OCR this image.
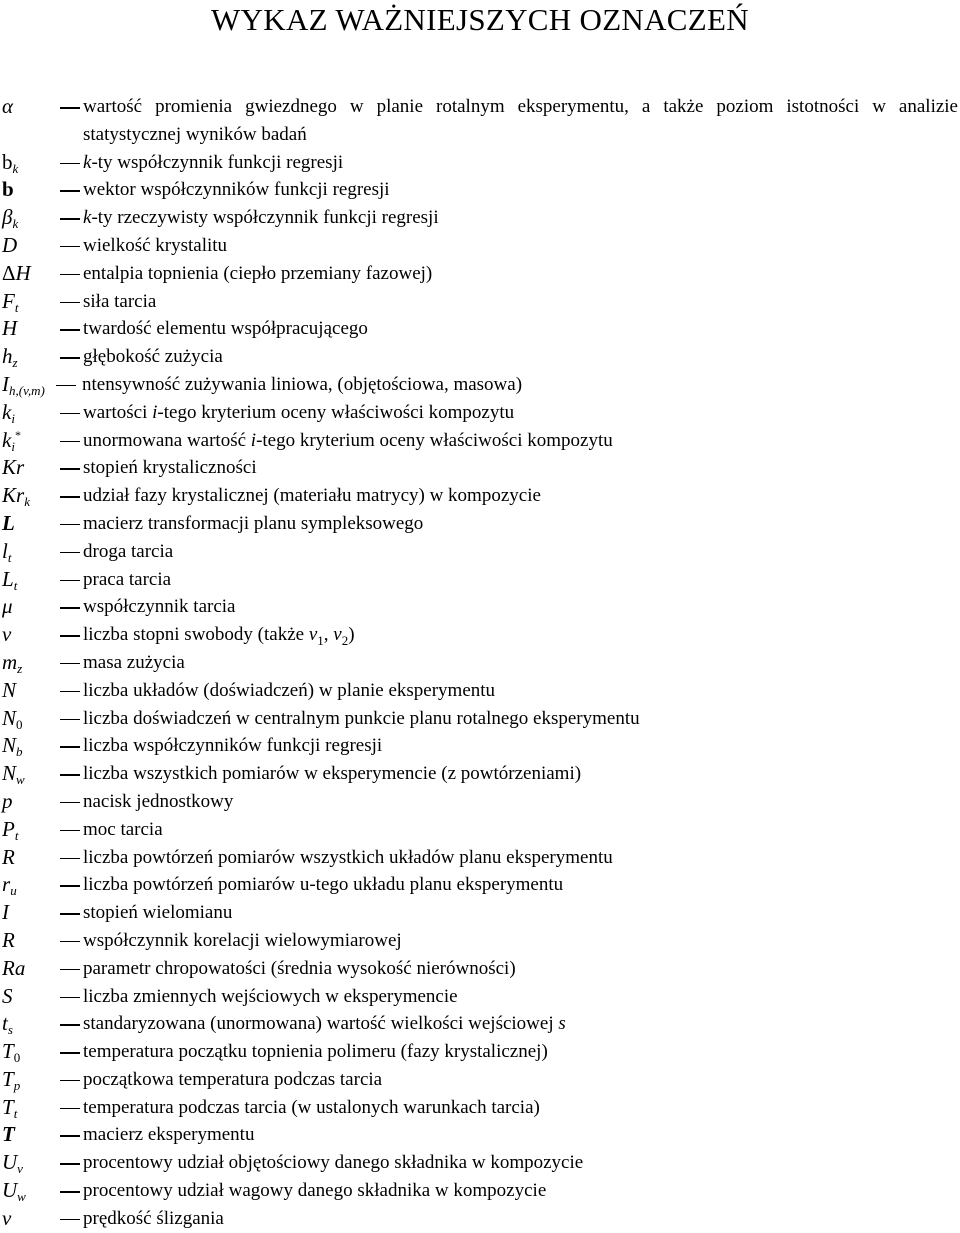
WYKAZ WAŻNIEJSZYCH OZNACZEŃ
α	wartość promienia gwiezdnego w planie rotalnym eksperymentu, a także poziom istotności w analizie statystycznej wyników badań
$b_k$	k-ty współczynnik funkcji regresji
b	wektor współczynników funkcji regresji
$\beta_k$	k-ty rzeczywisty współczynnik funkcji regresji
D	wielkość krystalitu
ΔH	entalpia topnienia (ciepło przemiany fazowej)
$F_t$	siła tarcia
H	twardość elementu współpracującego
$h_z$	głębokość zużycia
$I_{h,(v,m)}$ ntensywność zużywania liniowa, (objętościowa, masowa)
$k_i$	wartości i-tego kryterium oceny właściwości kompozytu
$k_i^*$	unormowana wartość i-tego kryterium oceny właściwości kompozytu
Kr	stopień krystaliczności
$Kr_k$	udział fazy krystalicznej (materiału matrycy) w kompozycie
L	macierz transformacji planu sympleksowego
$l_t$	droga tarcia
$L_t$	praca tarcia
μ	współczynnik tarcia
ν	liczba stopni swobody (także $\nu_1$, $\nu_2$)
$m_z$	masa zużycia
N	liczba układów (doświadczeń) w planie eksperymentu
$N_0$	liczba doświadczeń w centralnym punkcie planu rotalnego eksperymentu
$N_b$	liczba współczynników funkcji regresji
$N_w$	liczba wszystkich pomiarów w eksperymencie (z powtórzeniami)
p	nacisk jednostkowy
$P_t$	moc tarcia
R	liczba powtórzeń pomiarów wszystkich układów planu eksperymentu
$r_u$	liczba powtórzeń pomiarów u-tego układu planu eksperymentu
I	stopień wielomianu
R	współczynnik korelacji wielowymiarowej
Ra	parametr chropowatości (średnia wysokość nierówności)
S	liczba zmiennych wejściowych w eksperymencie
$t_s$	standaryzowana (unormowana) wartość wielkości wejściowej s
$T_0$	temperatura początku topnienia polimeru (fazy krystalicznej)
$T_p$	początkowa temperatura podczas tarcia
$T_t$	temperatura podczas tarcia (w ustalonych warunkach tarcia)
T	macierz eksperymentu
$U_v$	procentowy udział objętościowy danego składnika w kompozycie
$U_w$	procentowy udział wagowy danego składnika w kompozycie
v	prędkość ślizgania
